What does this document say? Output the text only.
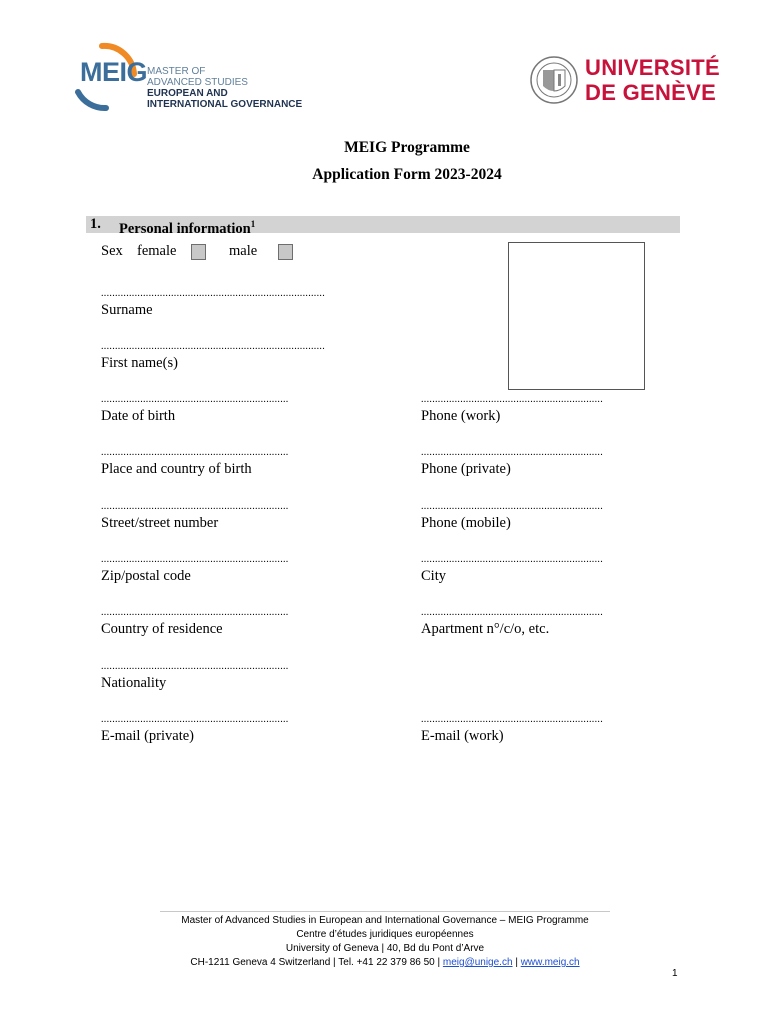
MEIG MASTER OF
ADVANCED STUDIES
EUROPEAN AND
INTERNATIONAL GOVERNANCE
UNIVERSITÉ
DE GENÈVE
MEIG Programme
Application Form 2023-2024
1. Personal information$^1$
Sex female	male
................................................................................
Surname
................................................................................
First name(s)
...................................................................
Date of birth
...................................................................
Place and country of birth
...................................................................
Street/street number
...................................................................
Zip/postal code
...................................................................
Country of residence
...................................................................
Nationality
...................................................................
E-mail (private)
.................................................................
Phone (work)
.................................................................
Phone (private)
.................................................................
Phone (mobile)
.................................................................
City
.................................................................
Apartment n°/c/o, etc.
.................................................................
E-mail (work)
Master of Advanced Studies in European and International Governance – MEIG Programme
Centre d’études juridiques européennes
University of Geneva | 40, Bd du Pont d’Arve
CH-1211 Geneva 4 Switzerland | Tel. +41 22 379 86 50 | meig@unige.ch | www.meig.ch
1
